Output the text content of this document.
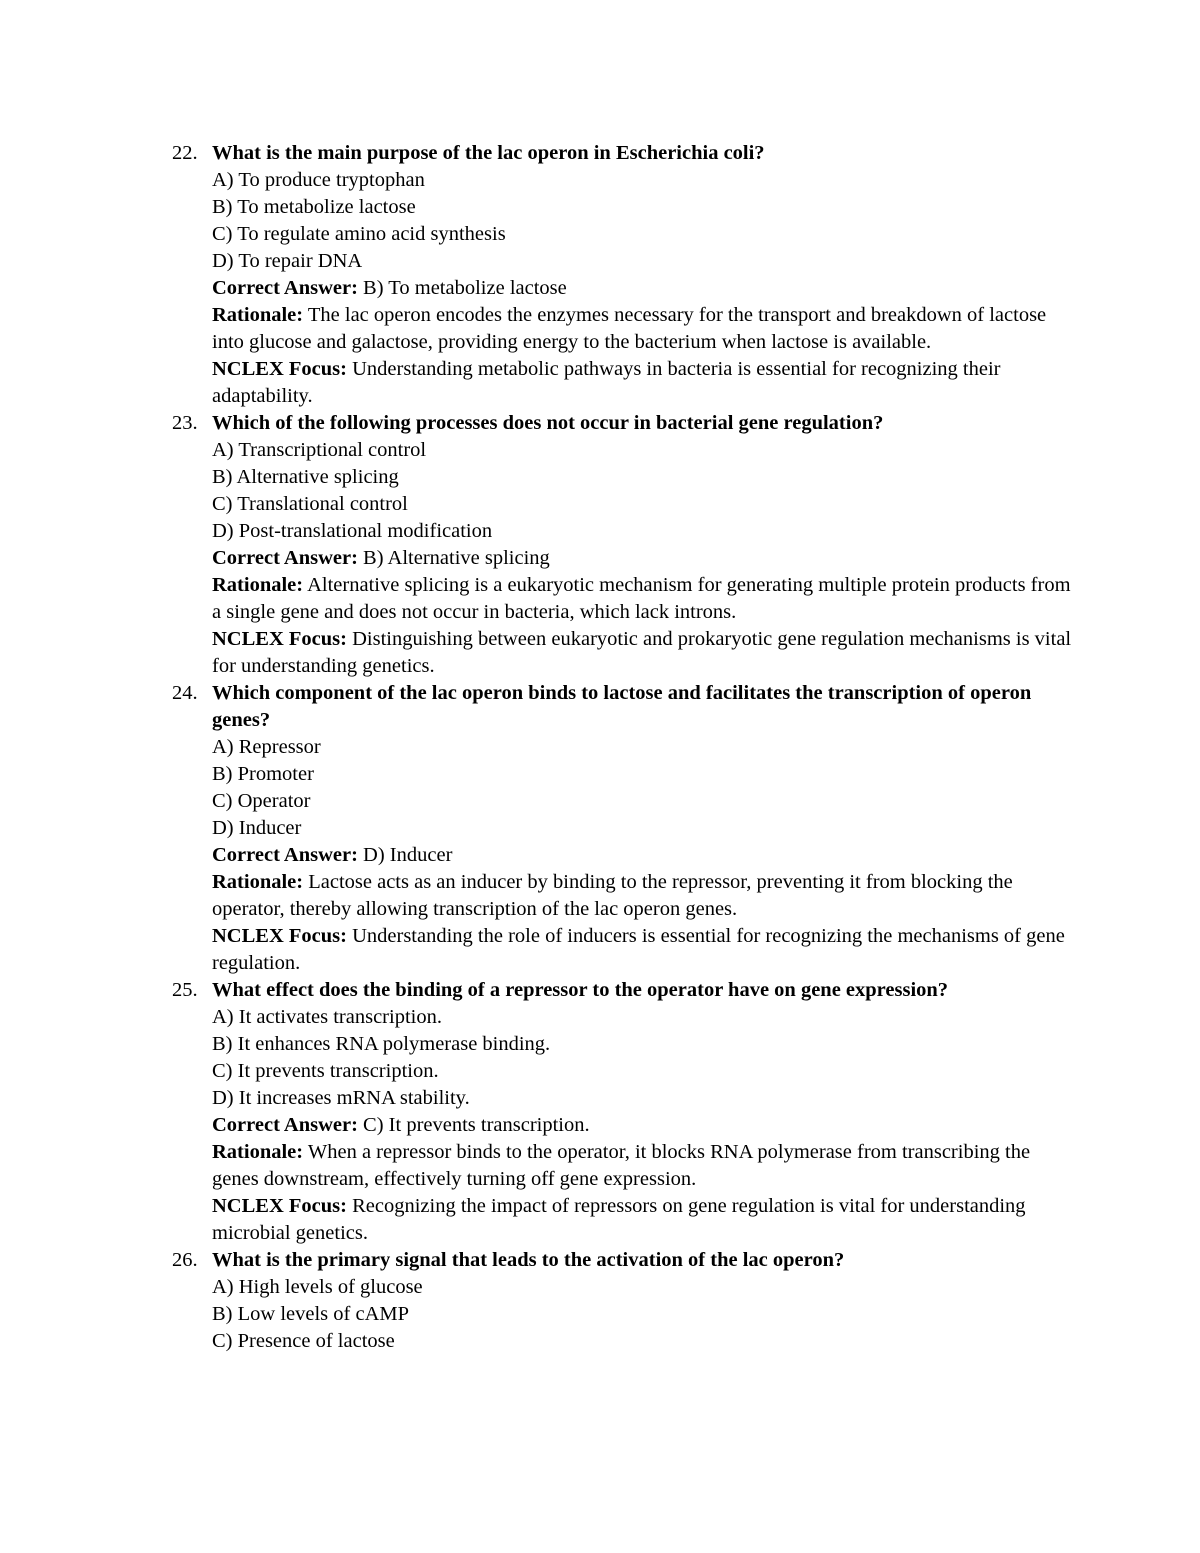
22. What is the main purpose of the lac operon in Escherichia coli?
A) To produce tryptophan
B) To metabolize lactose
C) To regulate amino acid synthesis
D) To repair DNA
Correct Answer: B) To metabolize lactose
Rationale: The lac operon encodes the enzymes necessary for the transport and breakdown of lactose into glucose and galactose, providing energy to the bacterium when lactose is available.
NCLEX Focus: Understanding metabolic pathways in bacteria is essential for recognizing their adaptability.
23. Which of the following processes does not occur in bacterial gene regulation?
A) Transcriptional control
B) Alternative splicing
C) Translational control
D) Post-translational modification
Correct Answer: B) Alternative splicing
Rationale: Alternative splicing is a eukaryotic mechanism for generating multiple protein products from a single gene and does not occur in bacteria, which lack introns.
NCLEX Focus: Distinguishing between eukaryotic and prokaryotic gene regulation mechanisms is vital for understanding genetics.
24. Which component of the lac operon binds to lactose and facilitates the transcription of operon genes?
A) Repressor
B) Promoter
C) Operator
D) Inducer
Correct Answer: D) Inducer
Rationale: Lactose acts as an inducer by binding to the repressor, preventing it from blocking the operator, thereby allowing transcription of the lac operon genes.
NCLEX Focus: Understanding the role of inducers is essential for recognizing the mechanisms of gene regulation.
25. What effect does the binding of a repressor to the operator have on gene expression?
A) It activates transcription.
B) It enhances RNA polymerase binding.
C) It prevents transcription.
D) It increases mRNA stability.
Correct Answer: C) It prevents transcription.
Rationale: When a repressor binds to the operator, it blocks RNA polymerase from transcribing the genes downstream, effectively turning off gene expression.
NCLEX Focus: Recognizing the impact of repressors on gene regulation is vital for understanding microbial genetics.
26. What is the primary signal that leads to the activation of the lac operon?
A) High levels of glucose
B) Low levels of cAMP
C) Presence of lactose
